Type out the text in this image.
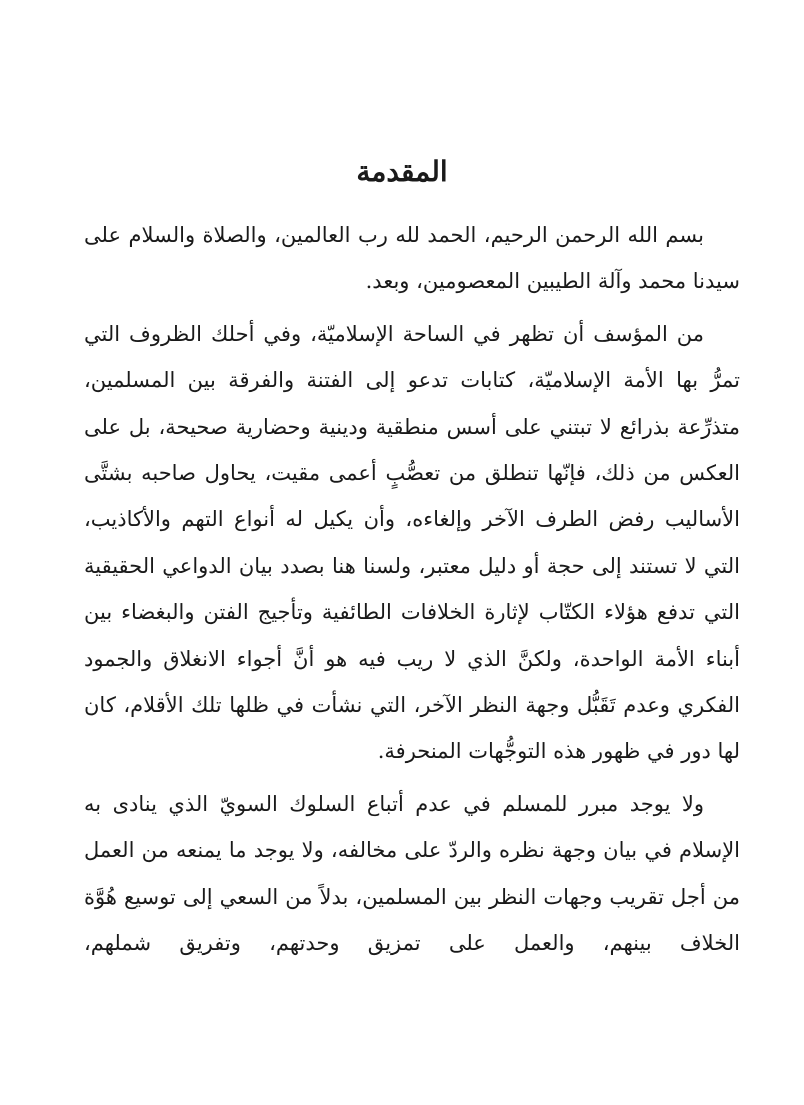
المقدمة

بسم الله الرحمن الرحيم، الحمد لله رب العالمين، والصلاة والسلام على سيدنا محمد وآلة الطيبين المعصومين، وبعد.

من المؤسف أن تظهر في الساحة الإسلاميّة، وفي أحلك الظروف التي تمرُّ بها الأمة الإسلاميّة، كتابات تدعو إلى الفتنة والفرقة بين المسلمين، متذرِّعة بذرائع لا تبتني على أسس منطقية ودينية وحضارية صحيحة، بل على العكس من ذلك، فإنّها تنطلق من تعصُّبٍ أعمى مقيت، يحاول صاحبه بشتَّى الأساليب رفض الطرف الآخر وإلغاءه، وأن يكيل له أنواع التهم والأكاذيب، التي لا تستند إلى حجة أو دليل معتبر، ولسنا هنا بصدد بيان الدواعي الحقيقية التي تدفع هؤلاء الكتّاب لإثارة الخلافات الطائفية وتأجيج الفتن والبغضاء بين أبناء الأمة الواحدة، ولكنَّ الذي لا ريب فيه هو أنَّ أجواء الانغلاق والجمود الفكري وعدم تَقَبُّل وجهة النظر الآخر، التي نشأت في ظلها تلك الأقلام، كان لها دور في ظهور هذه التوجُّهات المنحرفة.

ولا يوجد مبرر للمسلم في عدم أتباع السلوك السويّ الذي ينادى به الإسلام في بيان وجهة نظره والردّ على مخالفه، ولا يوجد ما يمنعه من العمل من أجل تقريب وجهات النظر بين المسلمين، بدلاً من السعي إلى توسيع هُوَّة الخلاف بينهم، والعمل على تمزيق وحدتهم، وتفريق شملهم،
